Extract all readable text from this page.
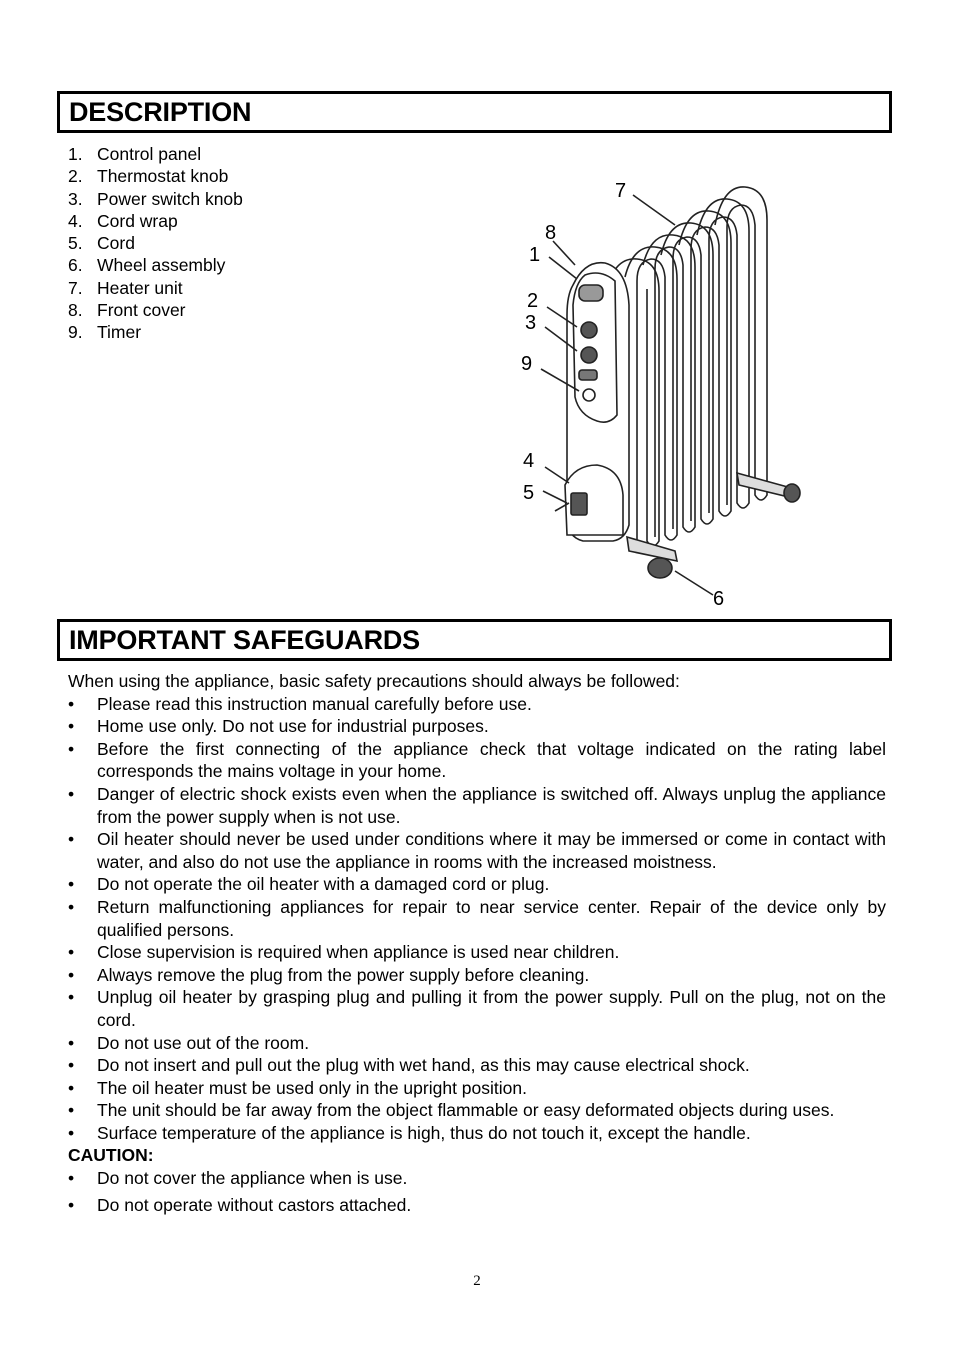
DESCRIPTION
1. Control panel
2. Thermostat knob
3. Power switch knob
4. Cord wrap
5. Cord
6. Wheel assembly
7. Heater unit
8. Front cover
9. Timer
7
8
1
2
3
9
4
5
6
IMPORTANT SAFEGUARDS

When using the appliance, basic safety precautions should always be followed:

• Please read this instruction manual carefully before use.
• Home use only. Do not use for industrial purposes.
• Before the first connecting of the appliance check that voltage indicated on the rating label corresponds the mains voltage in your home.
• Danger of electric shock exists even when the appliance is switched off. Always unplug the appliance from the power supply when is not use.
• Oil heater should never be used under conditions where it may be immersed or come in contact with water, and also do not use the appliance in rooms with the increased moistness.
• Do not operate the oil heater with a damaged cord or plug.
• Return malfunctioning appliances for repair to near service center. Repair of the device only by qualified persons.
• Close supervision is required when appliance is used near children.
• Always remove the plug from the power supply before cleaning.
• Unplug oil heater by grasping plug and pulling it from the power supply. Pull on the plug, not on the cord.
• Do not use out of the room.
• Do not insert and pull out the plug with wet hand, as this may cause electrical shock.
• The oil heater must be used only in the upright position.
• The unit should be far away from the object flammable or easy deformated objects during uses.
• Surface temperature of the appliance is high, thus do not touch it, except the handle.

CAUTION:

• Do not cover the appliance when is use.
• Do not operate without castors attached.
2
